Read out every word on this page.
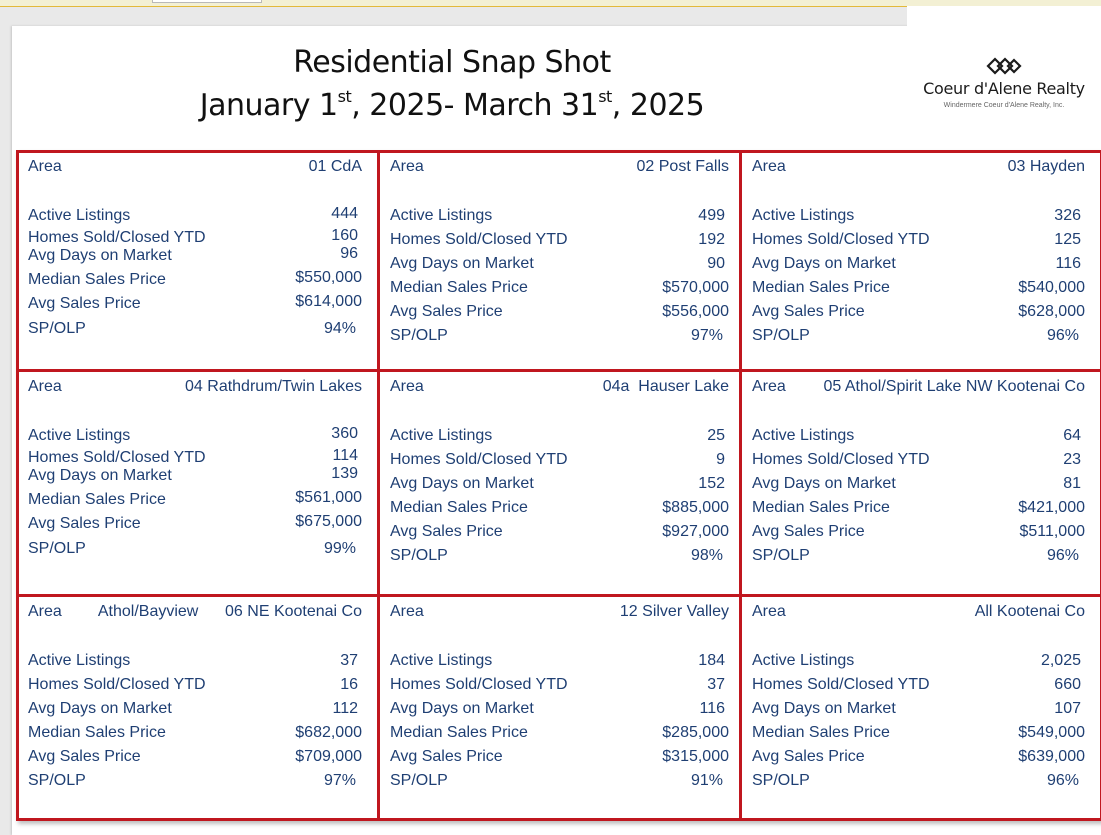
Residential Snap Shot
January 1st, 2025- March 31st, 2025	Coeur d'Alene Realty
Windermere Coeur d'Alene Realty, Inc.
Area	01 CdA
Active Listings	444
Homes Sold/Closed YTD	160
Avg Days on Market	96
Median Sales Price	$550,000
Avg Sales Price	$614,000
SP/OLP	94%
Area	02 Post Falls
Active Listings	499
Homes Sold/Closed YTD	192
Avg Days on Market	90
Median Sales Price	$570,000
Avg Sales Price	$556,000
SP/OLP	97%
Area	03 Hayden
Active Listings	326
Homes Sold/Closed YTD	125
Avg Days on Market	116
Median Sales Price	$540,000
Avg Sales Price	$628,000
SP/OLP	96%
Area	04 Rathdrum/Twin Lakes
Active Listings	360
Homes Sold/Closed YTD	114
Avg Days on Market	139
Median Sales Price	$561,000
Avg Sales Price	$675,000
SP/OLP	99%
Area	04a  Hauser Lake
Active Listings	25
Homes Sold/Closed YTD	9
Avg Days on Market	152
Median Sales Price	$885,000
Avg Sales Price	$927,000
SP/OLP	98%
Area 05 Athol/Spirit Lake NW Kootenai Co
Active Listings	64
Homes Sold/Closed YTD	23
Avg Days on Market	81
Median Sales Price	$421,000
Avg Sales Price	$511,000
SP/OLP	96%
Area Athol/Bayview      06 NE Kootenai Co
Active Listings	37
Homes Sold/Closed YTD	16
Avg Days on Market	112
Median Sales Price	$682,000
Avg Sales Price	$709,000
SP/OLP	97%
Area	12 Silver Valley
Active Listings	184
Homes Sold/Closed YTD	37
Avg Days on Market	116
Median Sales Price	$285,000
Avg Sales Price	$315,000
SP/OLP	91%
Area	All Kootenai Co
Active Listings	2,025
Homes Sold/Closed YTD	660
Avg Days on Market	107
Median Sales Price	$549,000
Avg Sales Price	$639,000
SP/OLP	96%
